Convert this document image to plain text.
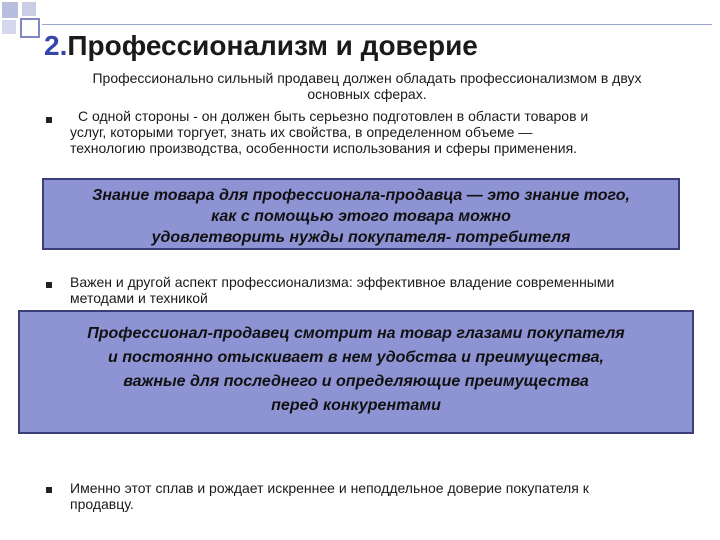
2.Профессионализм и доверие
Профессионально сильный продавец должен обладать профессионализмом в двух
основных сферах.
С одной стороны - он должен быть серьезно подготовлен в области товаров и
услуг, которыми торгует, знать их свойства, в определенном объеме —
технологию производства, особенности использования и сферы применения.
Знание товара для профессионала-продавца — это знание того,
как с помощью этого товара можно
удовлетворить нужды покупателя- потребителя
Важен и другой аспект профессионализма: эффективное владение современными
методами и техникой
Профессионал-продавец смотрит на товар глазами покупателя
и постоянно отыскивает в нем удобства и преимущества,
важные для последнего и определяющие преимущества
перед конкурентами
Именно этот сплав и рождает искреннее и неподдельное доверие покупателя к
продавцу.
